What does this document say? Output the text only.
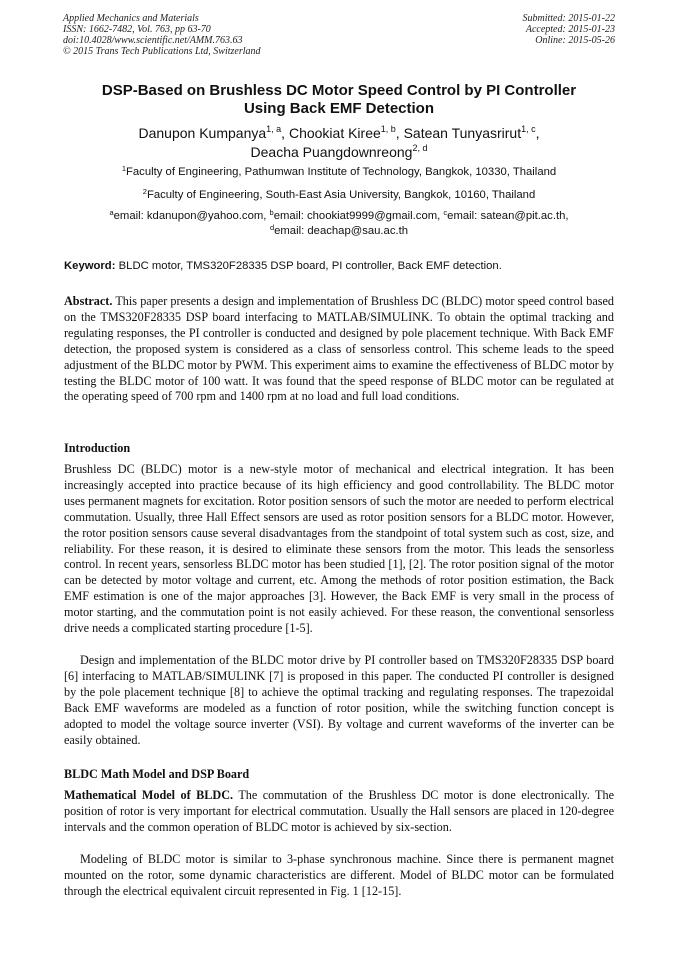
Applied Mechanics and Materials
ISSN: 1662-7482, Vol. 763, pp 63-70
doi:10.4028/www.scientific.net/AMM.763.63
© 2015 Trans Tech Publications Ltd, Switzerland
Submitted: 2015-01-22
Accepted: 2015-01-23
Online: 2015-05-26
DSP-Based on Brushless DC Motor Speed Control by PI Controller
Using Back EMF Detection
Danupon Kumpanya$^{1, a}$, Chookiat Kiree$^{1, b}$, Satean Tunyasrirut$^{1, c}$,
Deacha Puangdownreong$^{2, d}$
$^1$Faculty of Engineering, Pathumwan Institute of Technology, Bangkok, 10330, Thailand
$^2$Faculty of Engineering, South-East Asia University, Bangkok, 10160, Thailand
$^a$email: kdanupon@yahoo.com, $^b$email: chookiat9999@gmail.com, $^c$email: satean@pit.ac.th,
$^d$email: deachap@sau.ac.th
Keyword: BLDC motor, TMS320F28335 DSP board, PI controller, Back EMF detection.

Abstract. This paper presents a design and implementation of Brushless DC (BLDC) motor speed control based on the TMS320F28335 DSP board interfacing to MATLAB/SIMULINK. To obtain the optimal tracking and regulating responses, the PI controller is conducted and designed by pole placement technique. With Back EMF detection, the proposed system is considered as a class of sensorless control. This scheme leads to the speed adjustment of the BLDC motor by PWM. This experiment aims to examine the effectiveness of BLDC motor by testing the BLDC motor of 100 watt. It was found that the speed response of BLDC motor can be regulated at the operating speed of 700 rpm and 1400 rpm at no load and full load conditions.

Introduction

Brushless DC (BLDC) motor is a new-style motor of mechanical and electrical integration. It has been increasingly accepted into practice because of its high efficiency and good controllability. The BLDC motor uses permanent magnets for excitation. Rotor position sensors of such the motor are needed to perform electrical commutation. Usually, three Hall Effect sensors are used as rotor position sensors for a BLDC motor. However, the rotor position sensors cause several disadvantages from the standpoint of total system such as cost, size, and reliability. For these reason, it is desired to eliminate these sensors from the motor. This leads the sensorless control. In recent years, sensorless BLDC motor has been studied [1], [2]. The rotor position signal of the motor can be detected by motor voltage and current, etc. Among the methods of rotor position estimation, the Back EMF estimation is one of the major approaches [3]. However, the Back EMF is very small in the process of motor starting, and the commutation point is not easily achieved. For these reason, the conventional sensorless drive needs a complicated starting procedure [1-5].

Design and implementation of the BLDC motor drive by PI controller based on TMS320F28335 DSP board [6] interfacing to MATLAB/SIMULINK [7] is proposed in this paper. The conducted PI controller is designed by the pole placement technique [8] to achieve the optimal tracking and regulating responses. The trapezoidal Back EMF waveforms are modeled as a function of rotor position, while the switching function concept is adopted to model the voltage source inverter (VSI). By voltage and current waveforms of the inverter can be easily obtained.

BLDC Math Model and DSP Board

Mathematical Model of BLDC. The commutation of the Brushless DC motor is done electronically. The position of rotor is very important for electrical commutation. Usually the Hall sensors are placed in 120-degree intervals and the common operation of BLDC motor is achieved by six-section.

Modeling of BLDC motor is similar to 3-phase synchronous machine. Since there is permanent magnet mounted on the rotor, some dynamic characteristics are different. Model of BLDC motor can be formulated through the electrical equivalent circuit represented in Fig. 1 [12-15].
